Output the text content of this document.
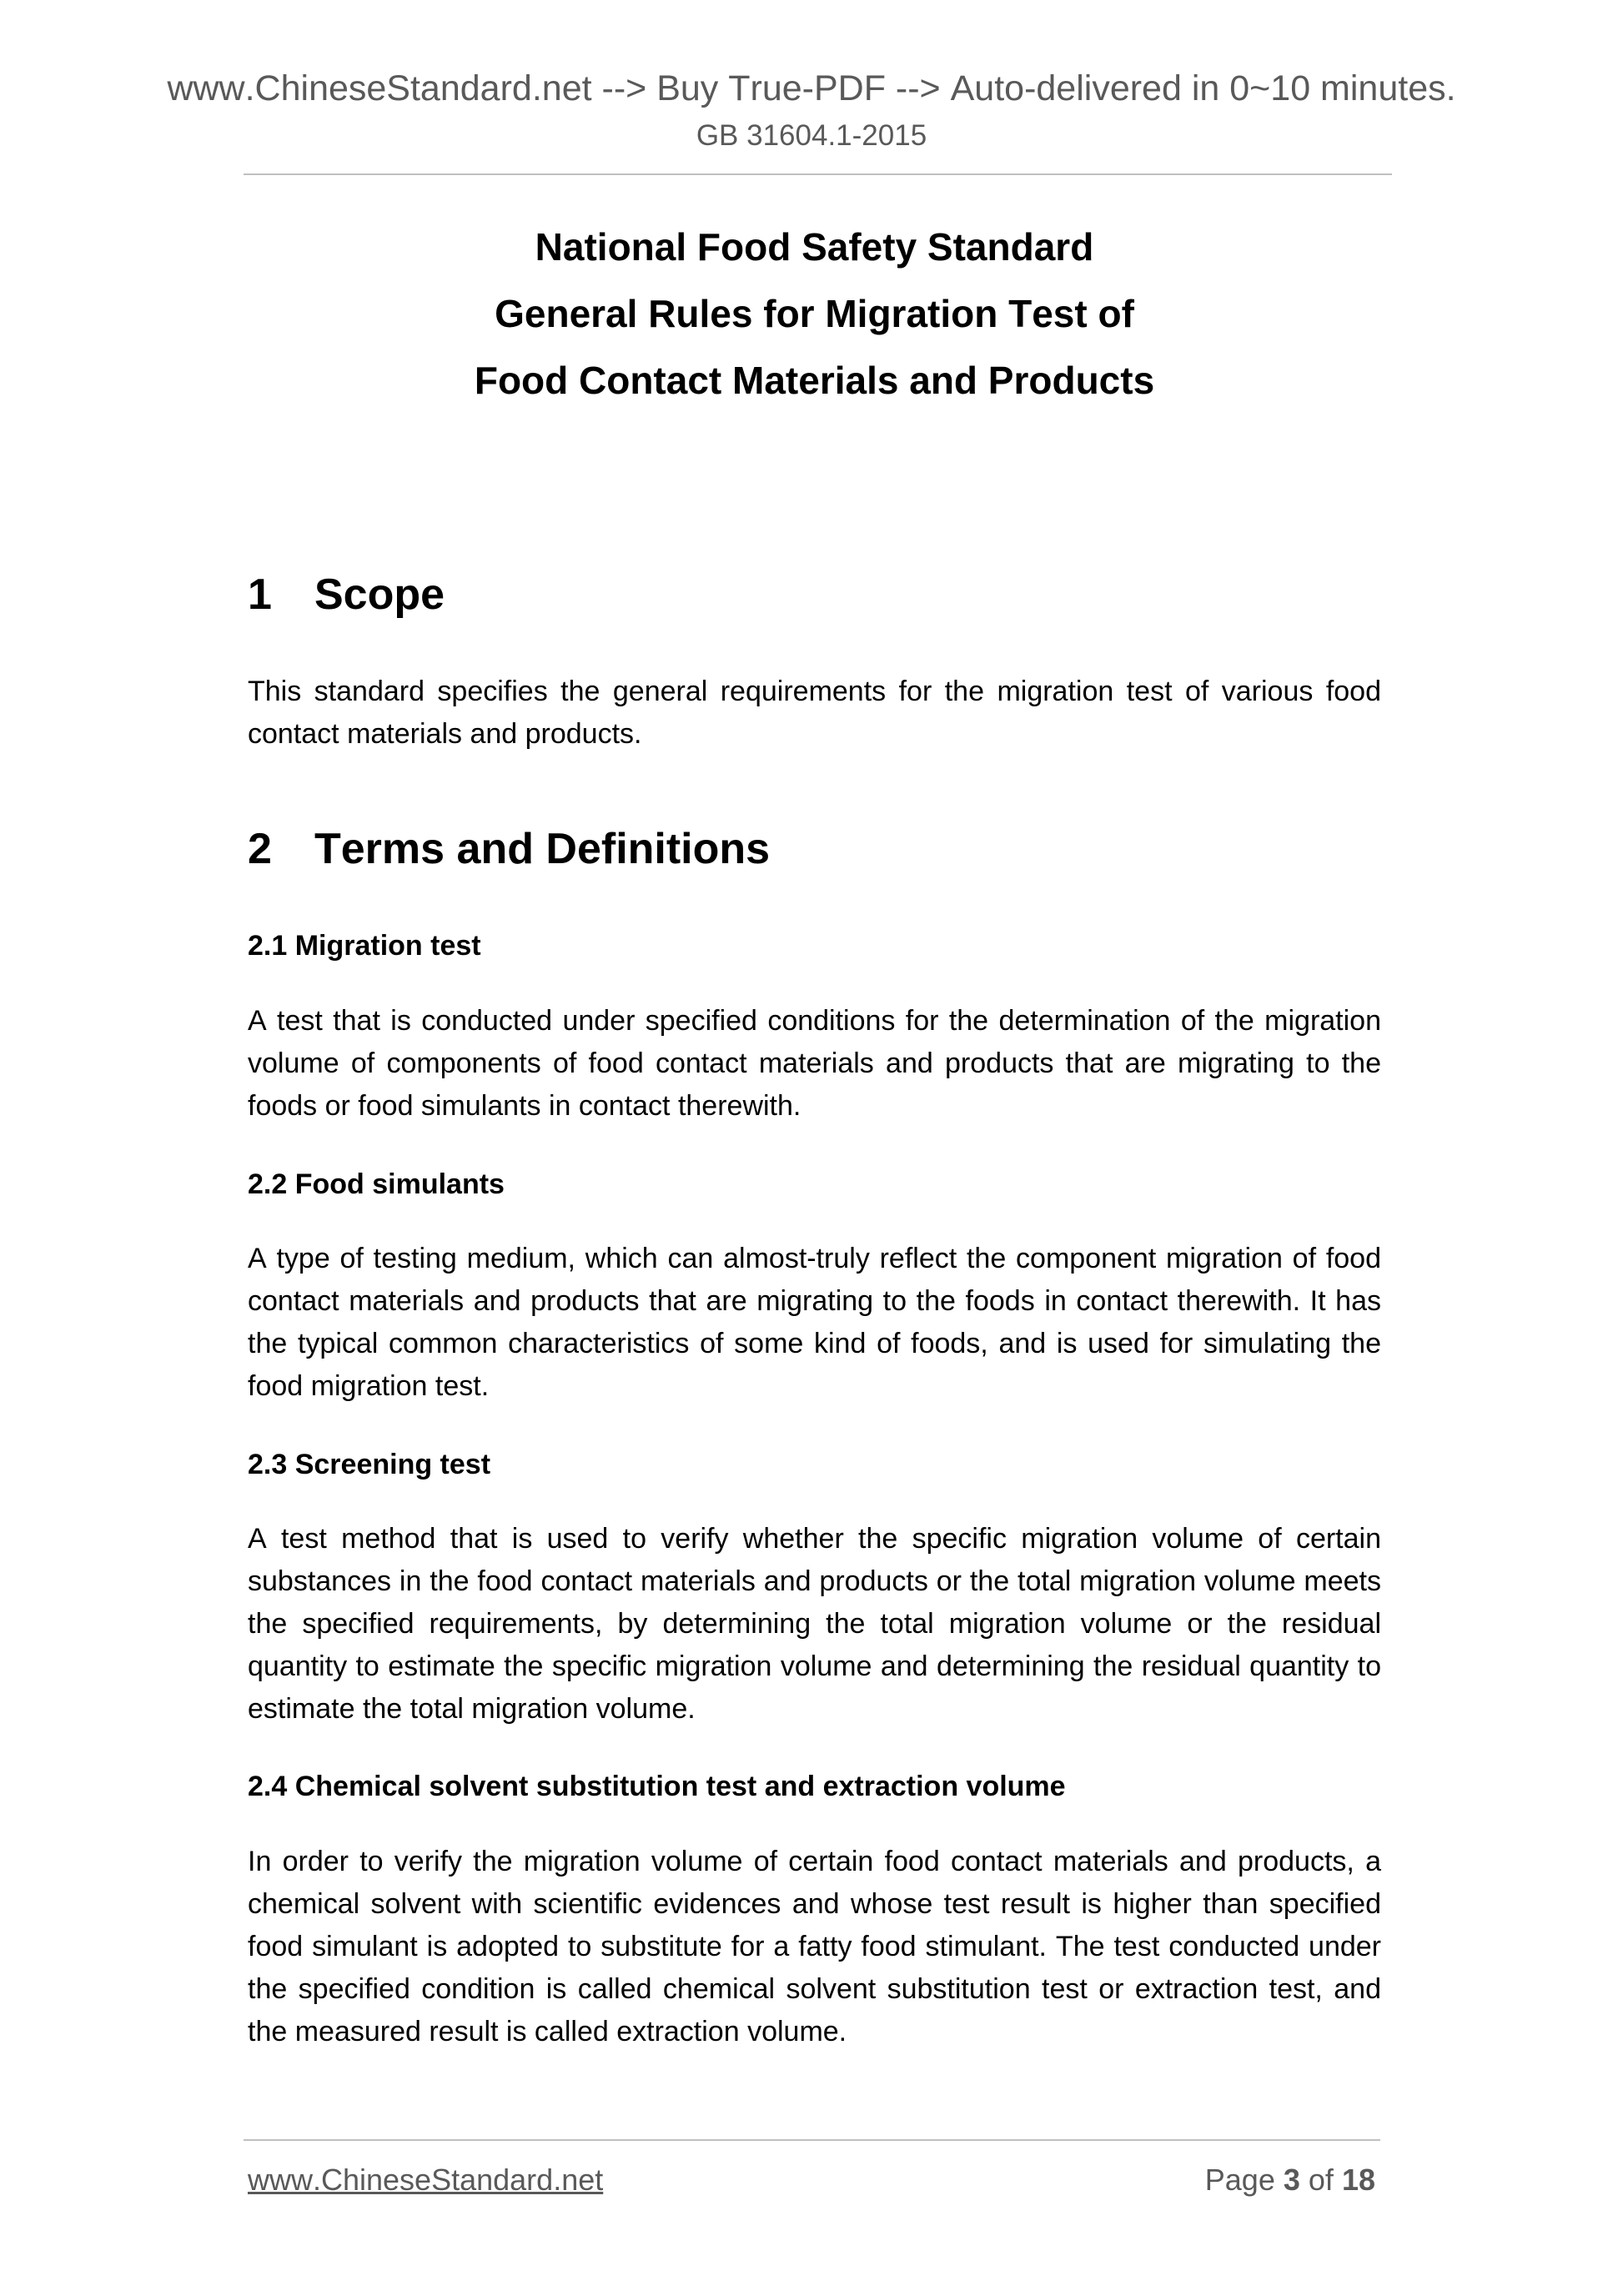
www.ChineseStandard.net --> Buy True-PDF --> Auto-delivered in 0~10 minutes.
GB 31604.1-2015
National Food Safety Standard
General Rules for Migration Test of
Food Contact Materials and Products
1 Scope

This standard specifies the general requirements for the migration test of various food contact materials and products.

2 Terms and Definitions
2.1 Migration test

A test that is conducted under specified conditions for the determination of the migration volume of components of food contact materials and products that are migrating to the foods or food simulants in contact therewith.

2.2 Food simulants

A type of testing medium, which can almost-truly reflect the component migration of food contact materials and products that are migrating to the foods in contact therewith. It has the typical common characteristics of some kind of foods, and is used for simulating the food migration test.

2.3 Screening test

A test method that is used to verify whether the specific migration volume of certain substances in the food contact materials and products or the total migration volume meets the specified requirements, by determining the total migration volume or the residual quantity to estimate the specific migration volume and determining the residual quantity to estimate the total migration volume.

2.4 Chemical solvent substitution test and extraction volume

In order to verify the migration volume of certain food contact materials and products, a chemical solvent with scientific evidences and whose test result is higher than specified food simulant is adopted to substitute for a fatty food stimulant. The test conducted under the specified condition is called chemical solvent substitution test or extraction test, and the measured result is called extraction volume.

www.ChineseStandard.net	Page 3 of 18
